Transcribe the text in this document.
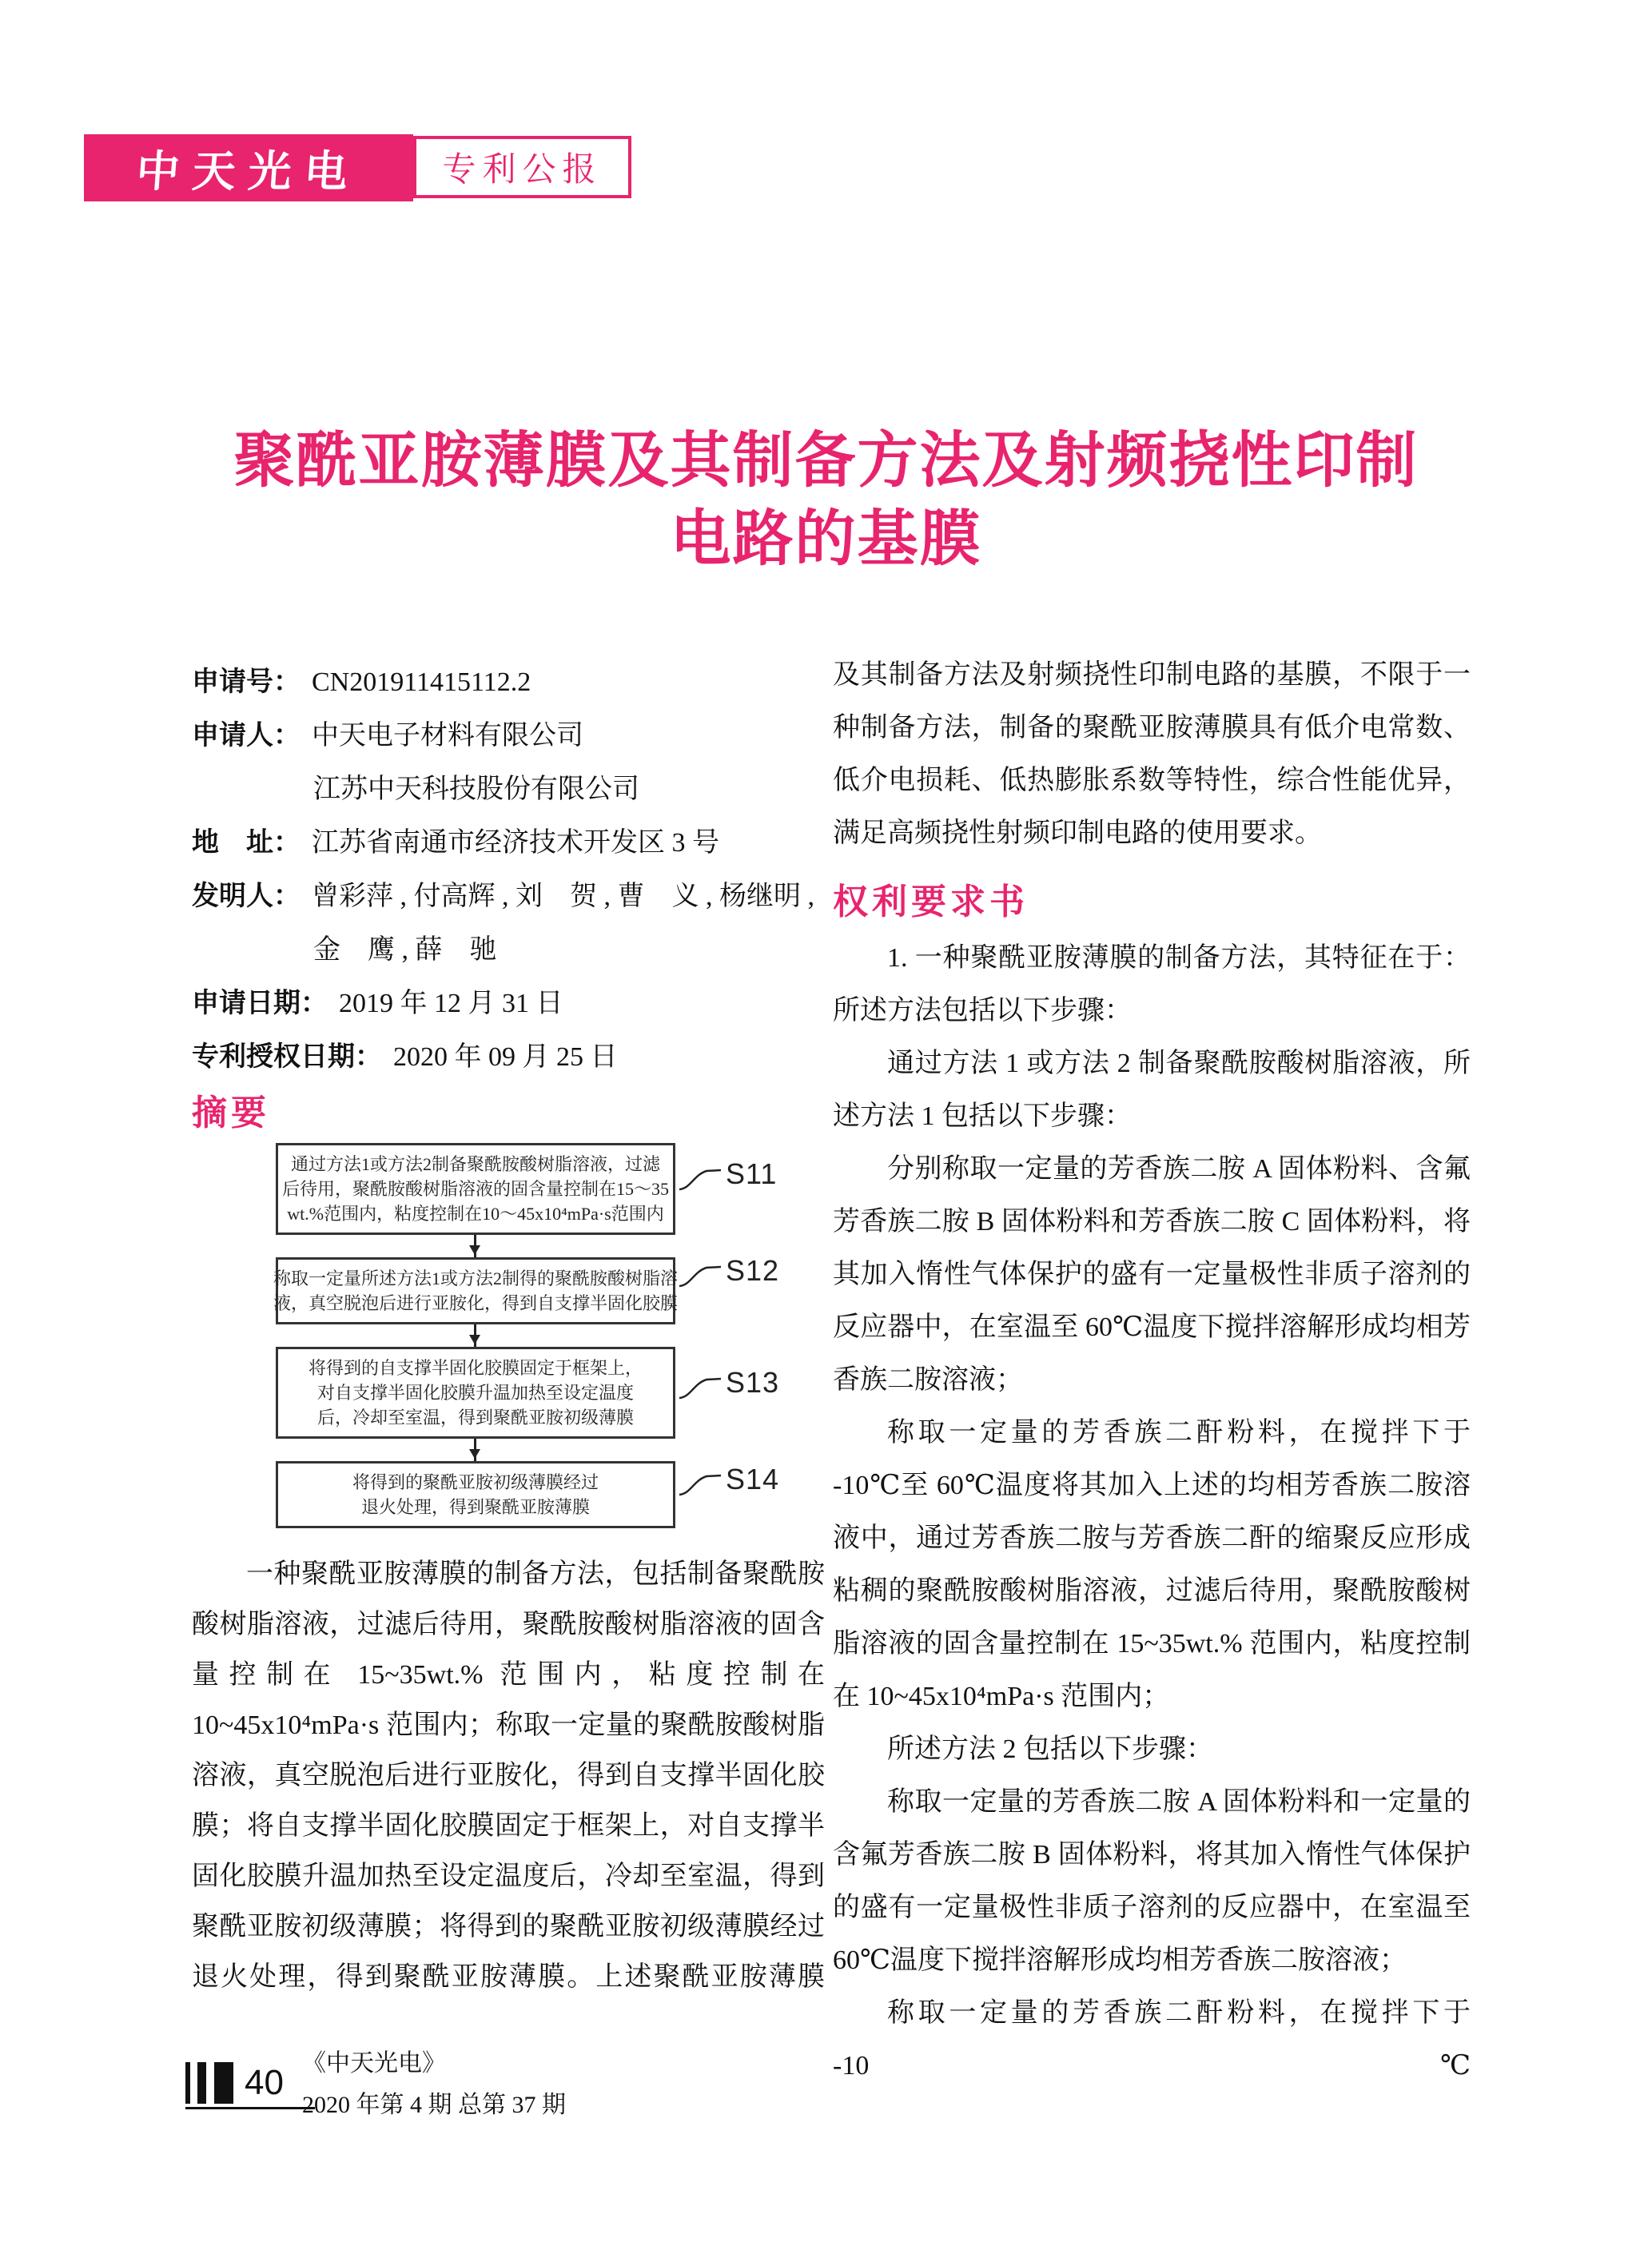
中天光电 专利公报
聚酰亚胺薄膜及其制备方法及射频挠性印制
电路的基膜
申请号： CN201911415112.2
申请人： 中天电子材料有限公司
江苏中天科技股份有限公司
地　址： 江苏省南通市经济技术开发区 3 号
发明人： 曾彩萍 , 付高辉 , 刘　贺 , 曹　义 , 杨继明 ,
金　鹰 , 薛　驰
申请日期： 2019 年 12 月 31 日
专利授权日期： 2020 年 09 月 25 日
摘要
通过方法1或方法2制备聚酰胺酸树脂溶液，过滤
后待用，聚酰胺酸树脂溶液的固含量控制在15～35
wt.%范围内，粘度控制在10～45x10⁴mPa·s范围内
S11
称取一定量所述方法1或方法2制得的聚酰胺酸树脂溶
液，真空脱泡后进行亚胺化，得到自支撑半固化胶膜
S12
将得到的自支撑半固化胶膜固定于框架上，
对自支撑半固化胶膜升温加热至设定温度
后，冷却至室温，得到聚酰亚胺初级薄膜
S13
将得到的聚酰亚胺初级薄膜经过
退火处理，得到聚酰亚胺薄膜
S14

一种聚酰亚胺薄膜的制备方法，包括制备聚酰胺酸树脂溶液，过滤后待用，聚酰胺酸树脂溶液的固含量控制在 15~35wt.% 范围内，粘度控制在 10~45x10⁴mPa·s 范围内；称取一定量的聚酰胺酸树脂溶液，真空脱泡后进行亚胺化，得到自支撑半固化胶膜；将自支撑半固化胶膜固定于框架上，对自支撑半固化胶膜升温加热至设定温度后，冷却至室温，得到聚酰亚胺初级薄膜；将得到的聚酰亚胺初级薄膜经过退火处理，得到聚酰亚胺薄膜。上述聚酰亚胺薄膜

及其制备方法及射频挠性印制电路的基膜，不限于一种制备方法，制备的聚酰亚胺薄膜具有低介电常数、低介电损耗、低热膨胀系数等特性，综合性能优异，满足高频挠性射频印制电路的使用要求。

权利要求书

1. 一种聚酰亚胺薄膜的制备方法，其特征在于：所述方法包括以下步骤：

通过方法 1 或方法 2 制备聚酰胺酸树脂溶液，所述方法 1 包括以下步骤：

分别称取一定量的芳香族二胺 A 固体粉料、含氟芳香族二胺 B 固体粉料和芳香族二胺 C 固体粉料，将其加入惰性气体保护的盛有一定量极性非质子溶剂的反应器中，在室温至 60℃温度下搅拌溶解形成均相芳香族二胺溶液；

称取一定量的芳香族二酐粉料，在搅拌下于 -10℃至 60℃温度将其加入上述的均相芳香族二胺溶液中，通过芳香族二胺与芳香族二酐的缩聚反应形成粘稠的聚酰胺酸树脂溶液，过滤后待用，聚酰胺酸树脂溶液的固含量控制在 15~35wt.% 范围内，粘度控制在 10~45x10⁴mPa·s 范围内；

所述方法 2 包括以下步骤：

称取一定量的芳香族二胺 A 固体粉料和一定量的含氟芳香族二胺 B 固体粉料，将其加入惰性气体保护的盛有一定量极性非质子溶剂的反应器中，在室温至 60℃温度下搅拌溶解形成均相芳香族二胺溶液；

称取一定量的芳香族二酐粉料，在搅拌下于 -10℃

40 《中天光电》
2020 年第 4 期 总第 37 期
